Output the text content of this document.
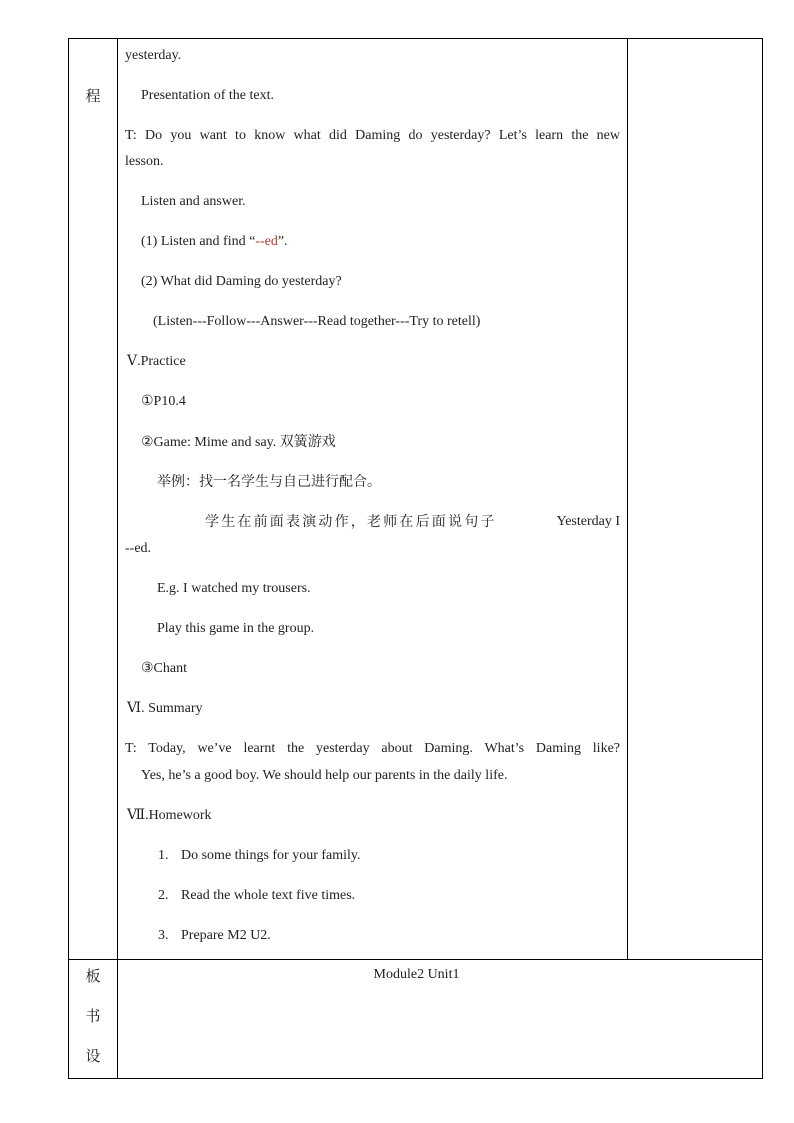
程
板
书
设
yesterday.
Presentation of the text.
T: Do you want to know what did Daming do yesterday? Let’s learn the new
lesson.
Listen and answer.
(1) Listen and find “--ed”.
(2) What did Daming do yesterday?
(Listen---Follow---Answer---Read together---Try to retell)
Ⅴ.Practice
①P10.4
②Game: Mime and say. 双簧游戏
举例：找一名学生与自己进行配合。
学生在前面表演动作，老师在后面说句子	Yesterday I
--ed.
E.g. I watched my trousers.
Play this game in the group.
③Chant
Ⅵ. Summary
T: Today, we’ve learnt the yesterday about Daming. What’s Daming like?
Yes, he’s a good boy. We should help our parents in the daily life.
Ⅶ.Homework
1. Do some things for your family.
2. Read the whole text five times.
3. Prepare M2 U2.
Module2 Unit1
